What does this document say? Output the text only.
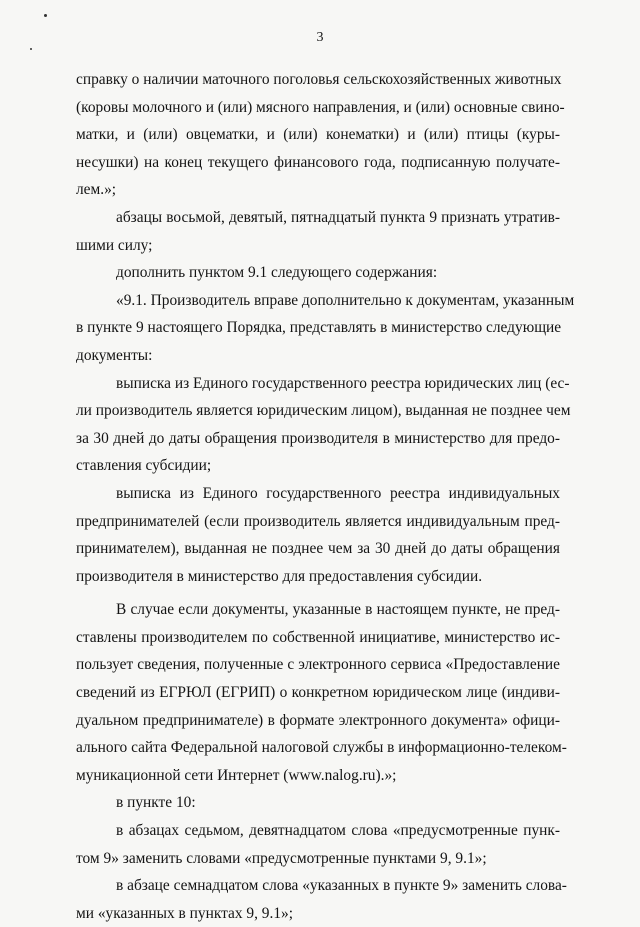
3

справку о наличии маточного поголовья сельскохозяйственных животных
(коровы молочного и (или) мясного направления, и (или) основные свино-
матки, и (или) овцематки, и (или) конематки) и (или) птицы (куры-
несушки) на конец текущего финансового года, подписанную получате-
лем.»;

абзацы восьмой, девятый, пятнадцатый пункта 9 признать утратив-
шими силу;

дополнить пунктом 9.1 следующего содержания:

«9.1. Производитель вправе дополнительно к документам, указанным
в пункте 9 настоящего Порядка, представлять в министерство следующие
документы:

выписка из Единого государственного реестра юридических лиц (ес-
ли производитель является юридическим лицом), выданная не позднее чем
за 30 дней до даты обращения производителя в министерство для предо-
ставления субсидии;

выписка из Единого государственного реестра индивидуальных
предпринимателей (если производитель является индивидуальным пред-
принимателем), выданная не позднее чем за 30 дней до даты обращения
производителя в министерство для предоставления субсидии.

В случае если документы, указанные в настоящем пункте, не пред-
ставлены производителем по собственной инициативе, министерство ис-
пользует сведения, полученные с электронного сервиса «Предоставление
сведений из ЕГРЮЛ (ЕГРИП) о конкретном юридическом лице (индиви-
дуальном предпринимателе) в формате электронного документа» офици-
ального сайта Федеральной налоговой службы в информационно-телеком-
муникационной сети Интернет (www.nalog.ru).»;

в пункте 10:

в абзацах седьмом, девятнадцатом слова «предусмотренные пунк-
том 9» заменить словами «предусмотренные пунктами 9, 9.1»;

в абзаце семнадцатом слова «указанных в пункте 9» заменить слова-
ми «указанных в пунктах 9, 9.1»;
